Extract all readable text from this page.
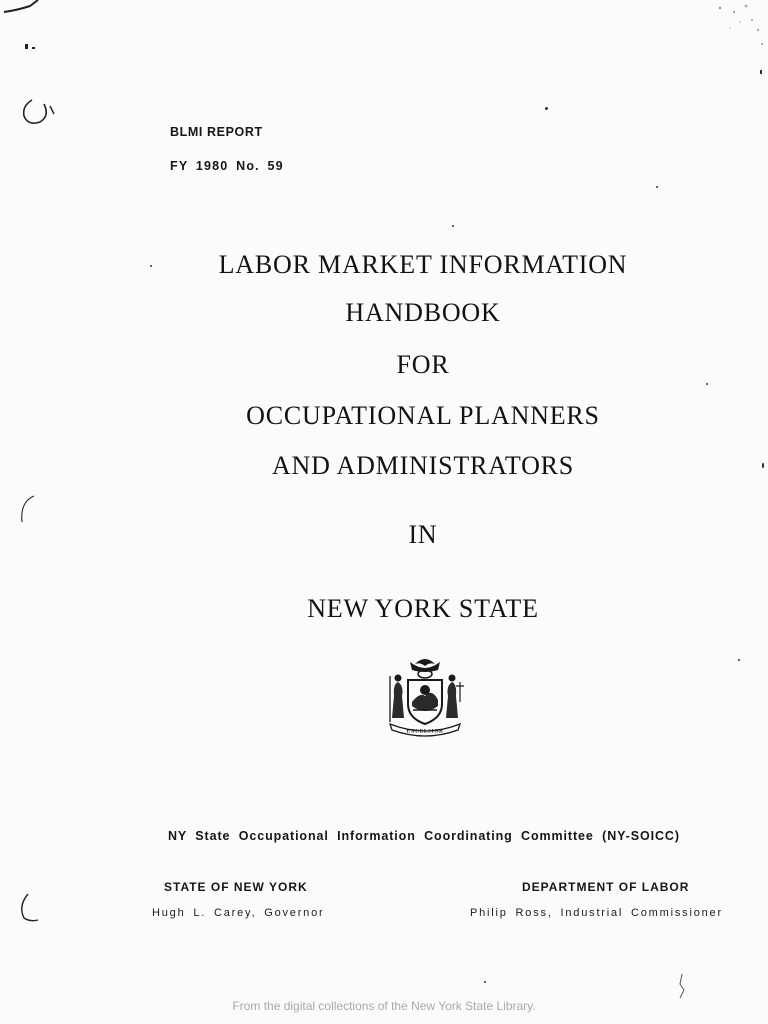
BLMI REPORT
FY 1980 No. 59
LABOR MARKET INFORMATION
HANDBOOK
FOR
OCCUPATIONAL PLANNERS
AND ADMINISTRATORS
IN
NEW YORK STATE
EXCELSIOR
NY State Occupational Information Coordinating Committee (NY-SOICC)
STATE OF NEW YORK
Hugh L. Carey, Governor
DEPARTMENT OF LABOR
Philip Ross, Industrial Commissioner
From the digital collections of the New York State Library.
